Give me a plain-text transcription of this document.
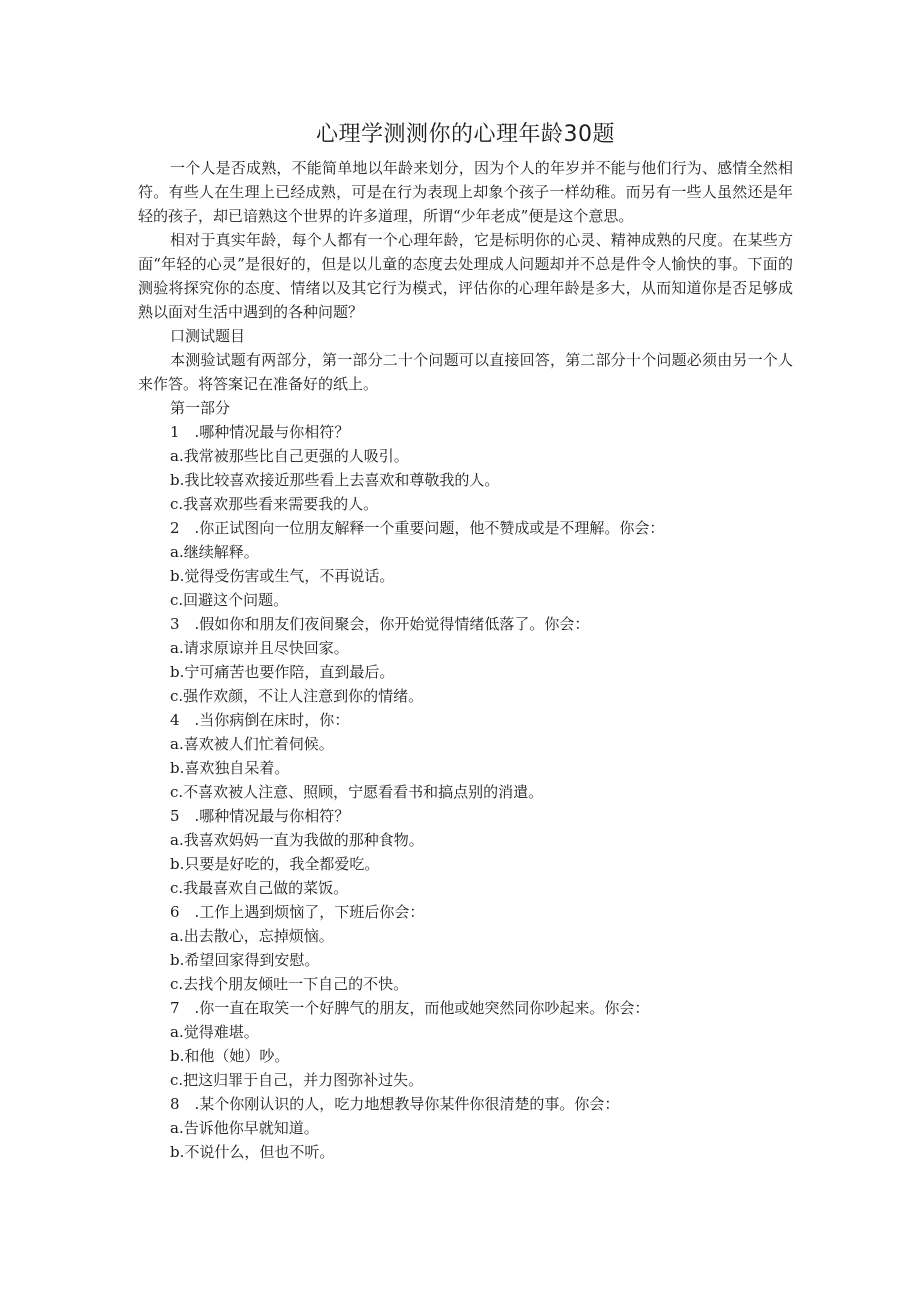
心理学测测你的心理年龄30题

一个人是否成熟，不能简单地以年龄来划分，因为个人的年岁并不能与他们行为、感情全然相符。有些人在生理上已经成熟，可是在行为表现上却象个孩子一样幼稚。而另有一些人虽然还是年轻的孩子，却已谙熟这个世界的许多道理，所谓“少年老成”便是这个意思。

相对于真实年龄，每个人都有一个心理年龄，它是标明你的心灵、精神成熟的尺度。在某些方面“年轻的心灵”是很好的，但是以儿童的态度去处理成人问题却并不总是件令人愉快的事。下面的测验将探究你的态度、情绪以及其它行为模式，评估你的心理年龄是多大，从而知道你是否足够成熟以面对生活中遇到的各种问题？

口测试题目

本测验试题有两部分，第一部分二十个问题可以直接回答，第二部分十个问题必须由另一个人来作答。将答案记在准备好的纸上。

第一部分

1　.哪种情况最与你相符？

a.我常被那些比自己更强的人吸引。

b.我比较喜欢接近那些看上去喜欢和尊敬我的人。

c.我喜欢那些看来需要我的人。

2　.你正试图向一位朋友解释一个重要问题，他不赞成或是不理解。你会：

a.继续解释。

b.觉得受伤害或生气，不再说话。

c.回避这个问题。

3　.假如你和朋友们夜间聚会，你开始觉得情绪低落了。你会：

a.请求原谅并且尽快回家。

b.宁可痛苦也要作陪，直到最后。

c.强作欢颜，不让人注意到你的情绪。

4　.当你病倒在床时，你：

a.喜欢被人们忙着伺候。

b.喜欢独自呆着。

c.不喜欢被人注意、照顾，宁愿看看书和搞点别的消遣。

5　.哪种情况最与你相符？

a.我喜欢妈妈一直为我做的那种食物。

b.只要是好吃的，我全都爱吃。

c.我最喜欢自己做的菜饭。

6　.工作上遇到烦恼了，下班后你会：

a.出去散心，忘掉烦恼。

b.希望回家得到安慰。

c.去找个朋友倾吐一下自己的不快。

7　.你一直在取笑一个好脾气的朋友，而他或她突然同你吵起来。你会：

a.觉得难堪。

b.和他（她）吵。

c.把这归罪于自己，并力图弥补过失。

8　.某个你刚认识的人，吃力地想教导你某件你很清楚的事。你会：

a.告诉他你早就知道。

b.不说什么，但也不听。
